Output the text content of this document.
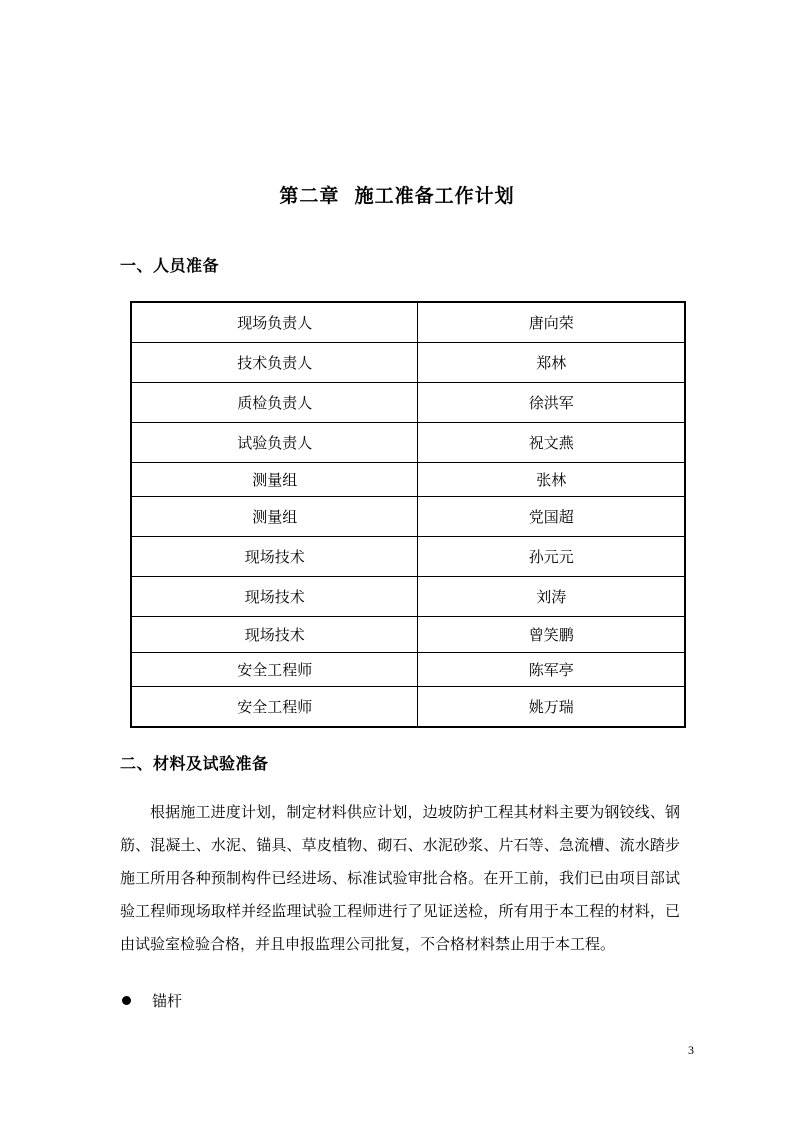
第二章  施工准备工作计划
一、人员准备
现场负责人	唐向荣
技术负责人	郑林
质检负责人	徐洪军
试验负责人	祝文燕
测量组	张林
测量组	党国超
现场技术	孙元元
现场技术	刘涛
现场技术	曾笑鹏
安全工程师	陈军亭
安全工程师	姚万瑞
二、材料及试验准备

根据施工进度计划，制定材料供应计划，边坡防护工程其材料主要为钢铰线、钢筋、混凝土、水泥、锚具、草皮植物、砌石、水泥砂浆、片石等、急流槽、流水踏步施工所用各种预制构件已经进场、标准试验审批合格。在开工前，我们已由项目部试验工程师现场取样并经监理试验工程师进行了见证送检，所有用于本工程的材料，已由试验室检验合格，并且申报监理公司批复，不合格材料禁止用于本工程。

锚杆
3
